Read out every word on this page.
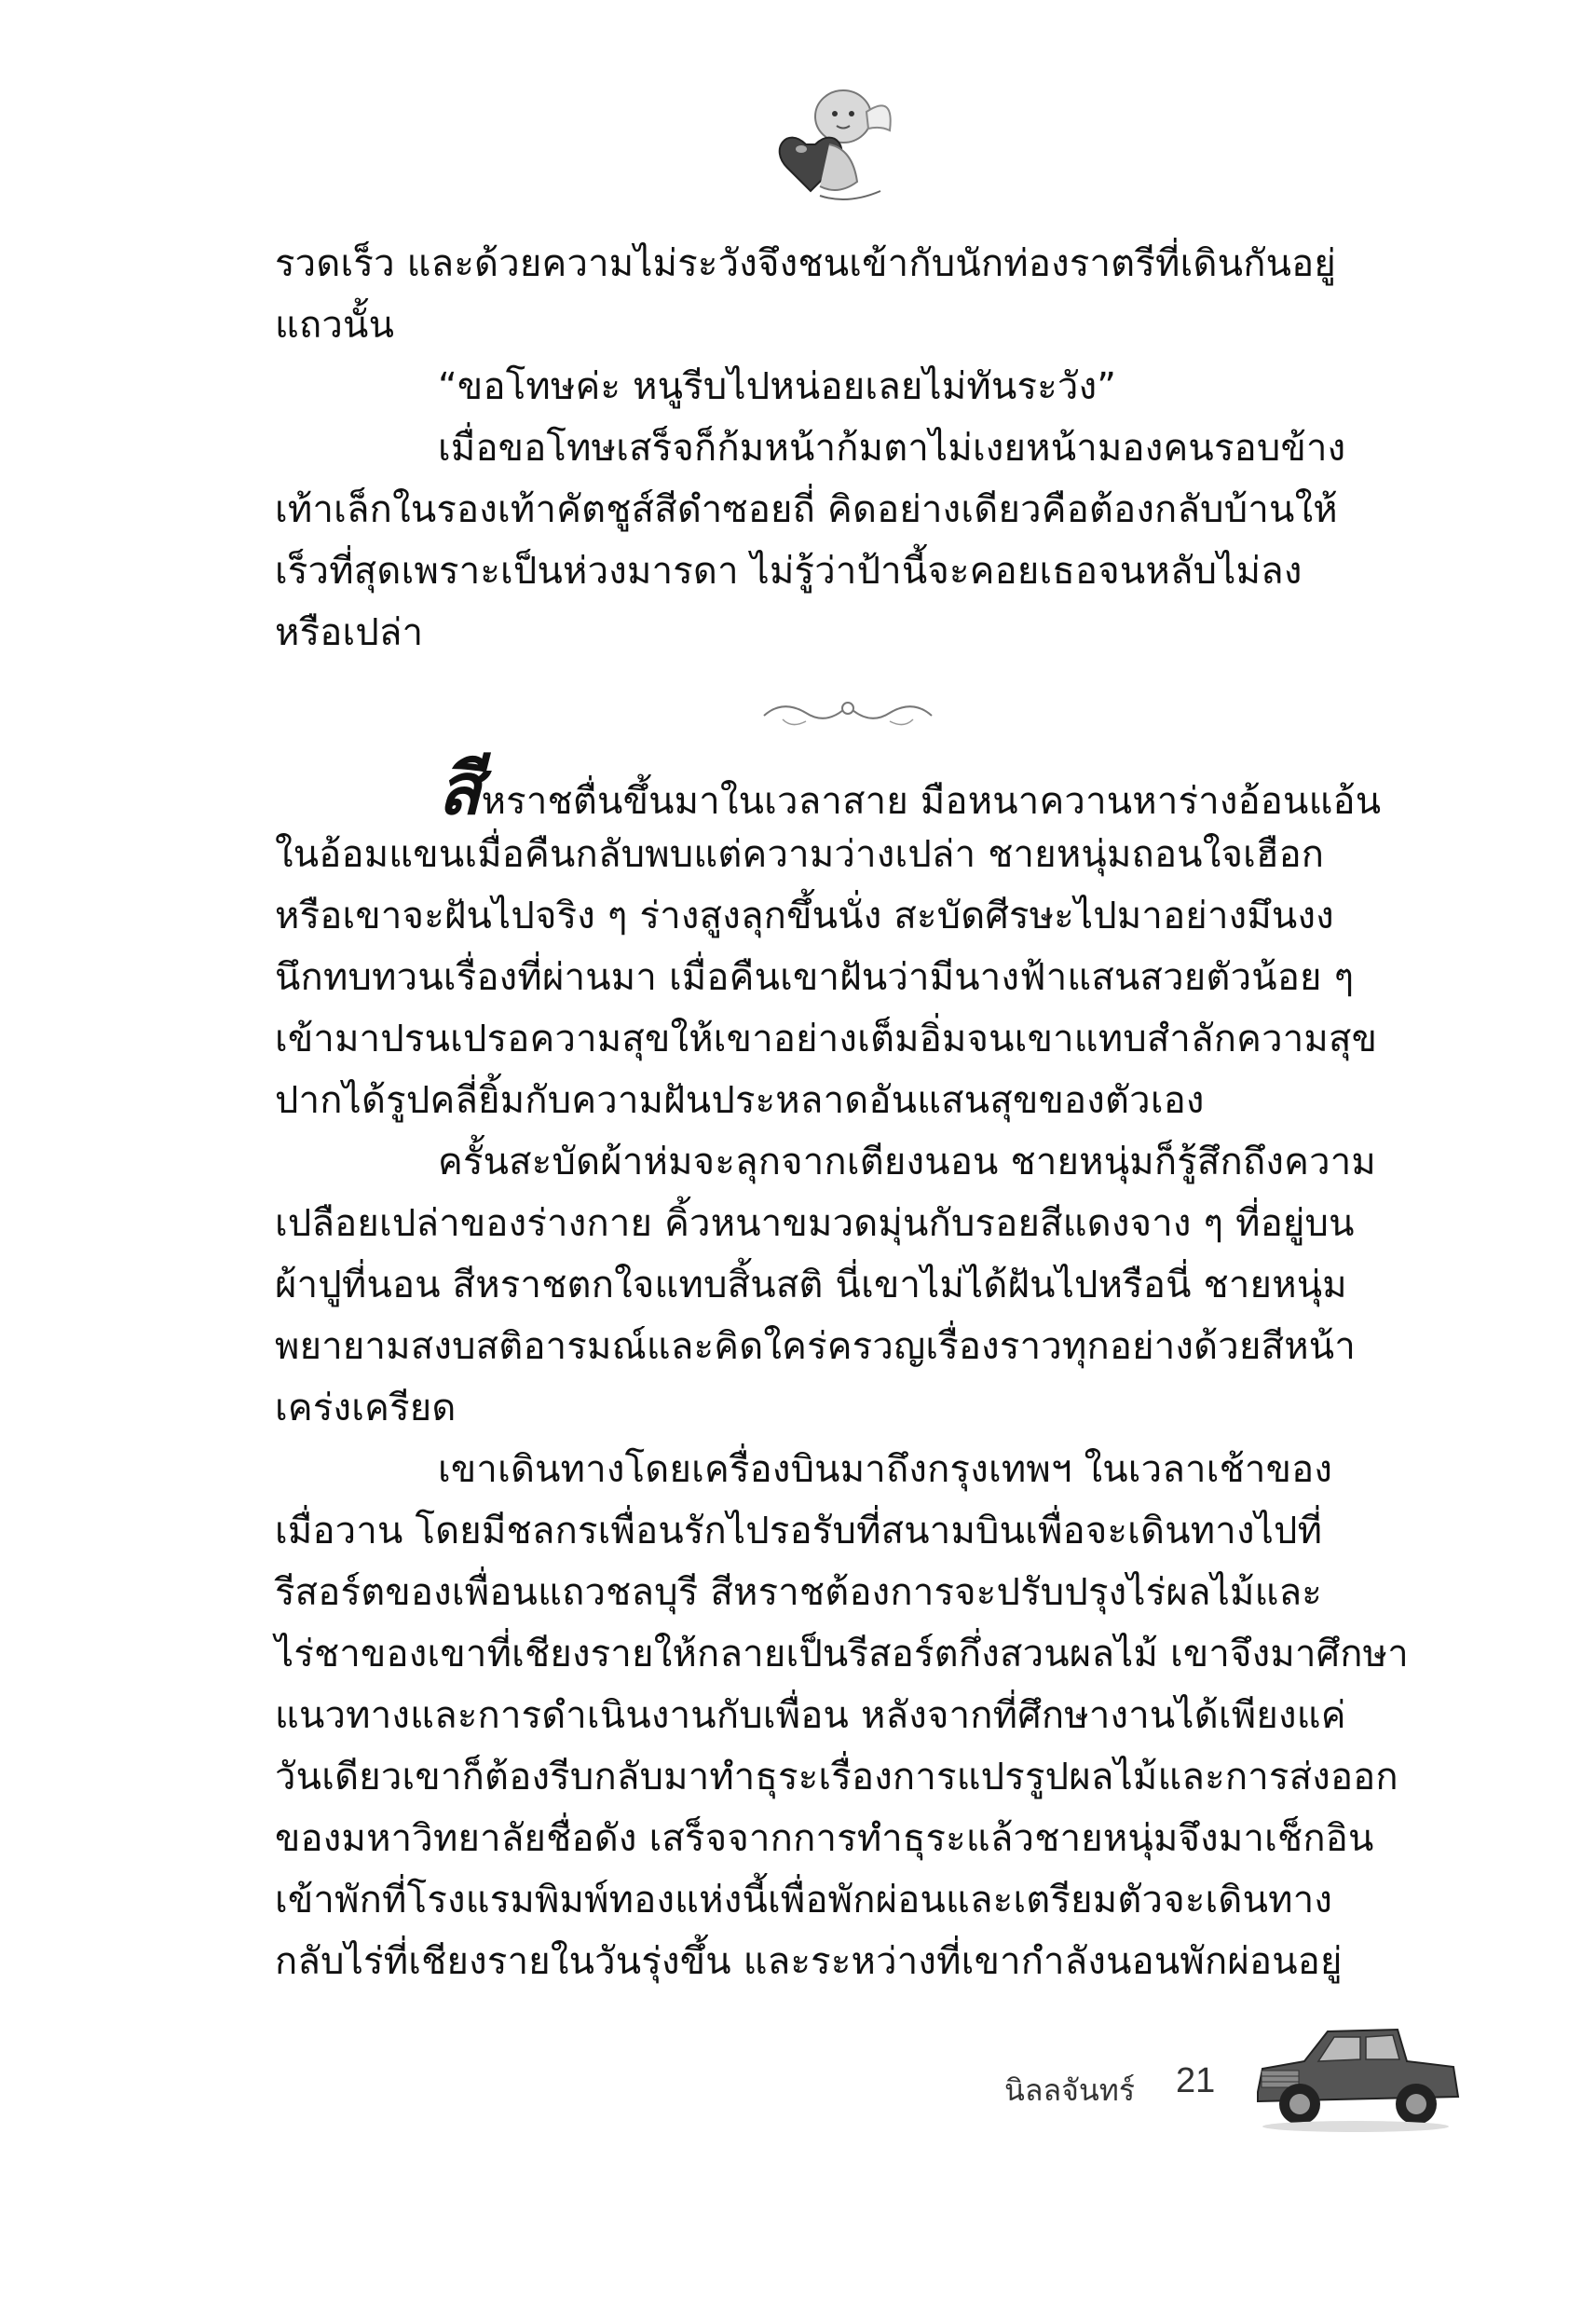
รวดเร็ว และด้วยความไม่ระวังจึงชนเข้ากับนักท่องราตรีที่เดินกันอยู่
แถวนั้น
“ขอโทษค่ะ หนูรีบไปหน่อยเลยไม่ทันระวัง”
เมื่อขอโทษเสร็จก็ก้มหน้าก้มตาไม่เงยหน้ามองคนรอบข้าง
เท้าเล็กในรองเท้าคัตชูส์สีดำซอยถี่ คิดอย่างเดียวคือต้องกลับบ้านให้
เร็วที่สุดเพราะเป็นห่วงมารดา ไม่รู้ว่าป้านี้จะคอยเธอจนหลับไม่ลง
หรือเปล่า
สีหราชตื่นขึ้นมาในเวลาสาย มือหนาควานหาร่างอ้อนแอ้น
ในอ้อมแขนเมื่อคืนกลับพบแต่ความว่างเปล่า ชายหนุ่มถอนใจเฮือก
หรือเขาจะฝันไปจริง ๆ ร่างสูงลุกขึ้นนั่ง สะบัดศีรษะไปมาอย่างมึนงง
นึกทบทวนเรื่องที่ผ่านมา เมื่อคืนเขาฝันว่ามีนางฟ้าแสนสวยตัวน้อย ๆ
เข้ามาปรนเปรอความสุขให้เขาอย่างเต็มอิ่มจนเขาแทบสำลักความสุข
ปากได้รูปคลี่ยิ้มกับความฝันประหลาดอันแสนสุขของตัวเอง
ครั้นสะบัดผ้าห่มจะลุกจากเตียงนอน ชายหนุ่มก็รู้สึกถึงความ
เปลือยเปล่าของร่างกาย คิ้วหนาขมวดมุ่นกับรอยสีแดงจาง ๆ ที่อยู่บน
ผ้าปูที่นอน สีหราชตกใจแทบสิ้นสติ นี่เขาไม่ได้ฝันไปหรือนี่ ชายหนุ่ม
พยายามสงบสติอารมณ์และคิดใคร่ครวญเรื่องราวทุกอย่างด้วยสีหน้า
เคร่งเครียด
เขาเดินทางโดยเครื่องบินมาถึงกรุงเทพฯ ในเวลาเช้าของ
เมื่อวาน โดยมีชลกรเพื่อนรักไปรอรับที่สนามบินเพื่อจะเดินทางไปที่
รีสอร์ตของเพื่อนแถวชลบุรี สีหราชต้องการจะปรับปรุงไร่ผลไม้และ
ไร่ชาของเขาที่เชียงรายให้กลายเป็นรีสอร์ตกึ่งสวนผลไม้ เขาจึงมาศึกษา
แนวทางและการดำเนินงานกับเพื่อน หลังจากที่ศึกษางานได้เพียงแค่
วันเดียวเขาก็ต้องรีบกลับมาทำธุระเรื่องการแปรรูปผลไม้และการส่งออก
ของมหาวิทยาลัยชื่อดัง เสร็จจากการทำธุระแล้วชายหนุ่มจึงมาเช็กอิน
เข้าพักที่โรงแรมพิมพ์ทองแห่งนี้เพื่อพักผ่อนและเตรียมตัวจะเดินทาง
กลับไร่ที่เชียงรายในวันรุ่งขึ้น และระหว่างที่เขากำลังนอนพักผ่อนอยู่
นิลลจันทร์ 21
